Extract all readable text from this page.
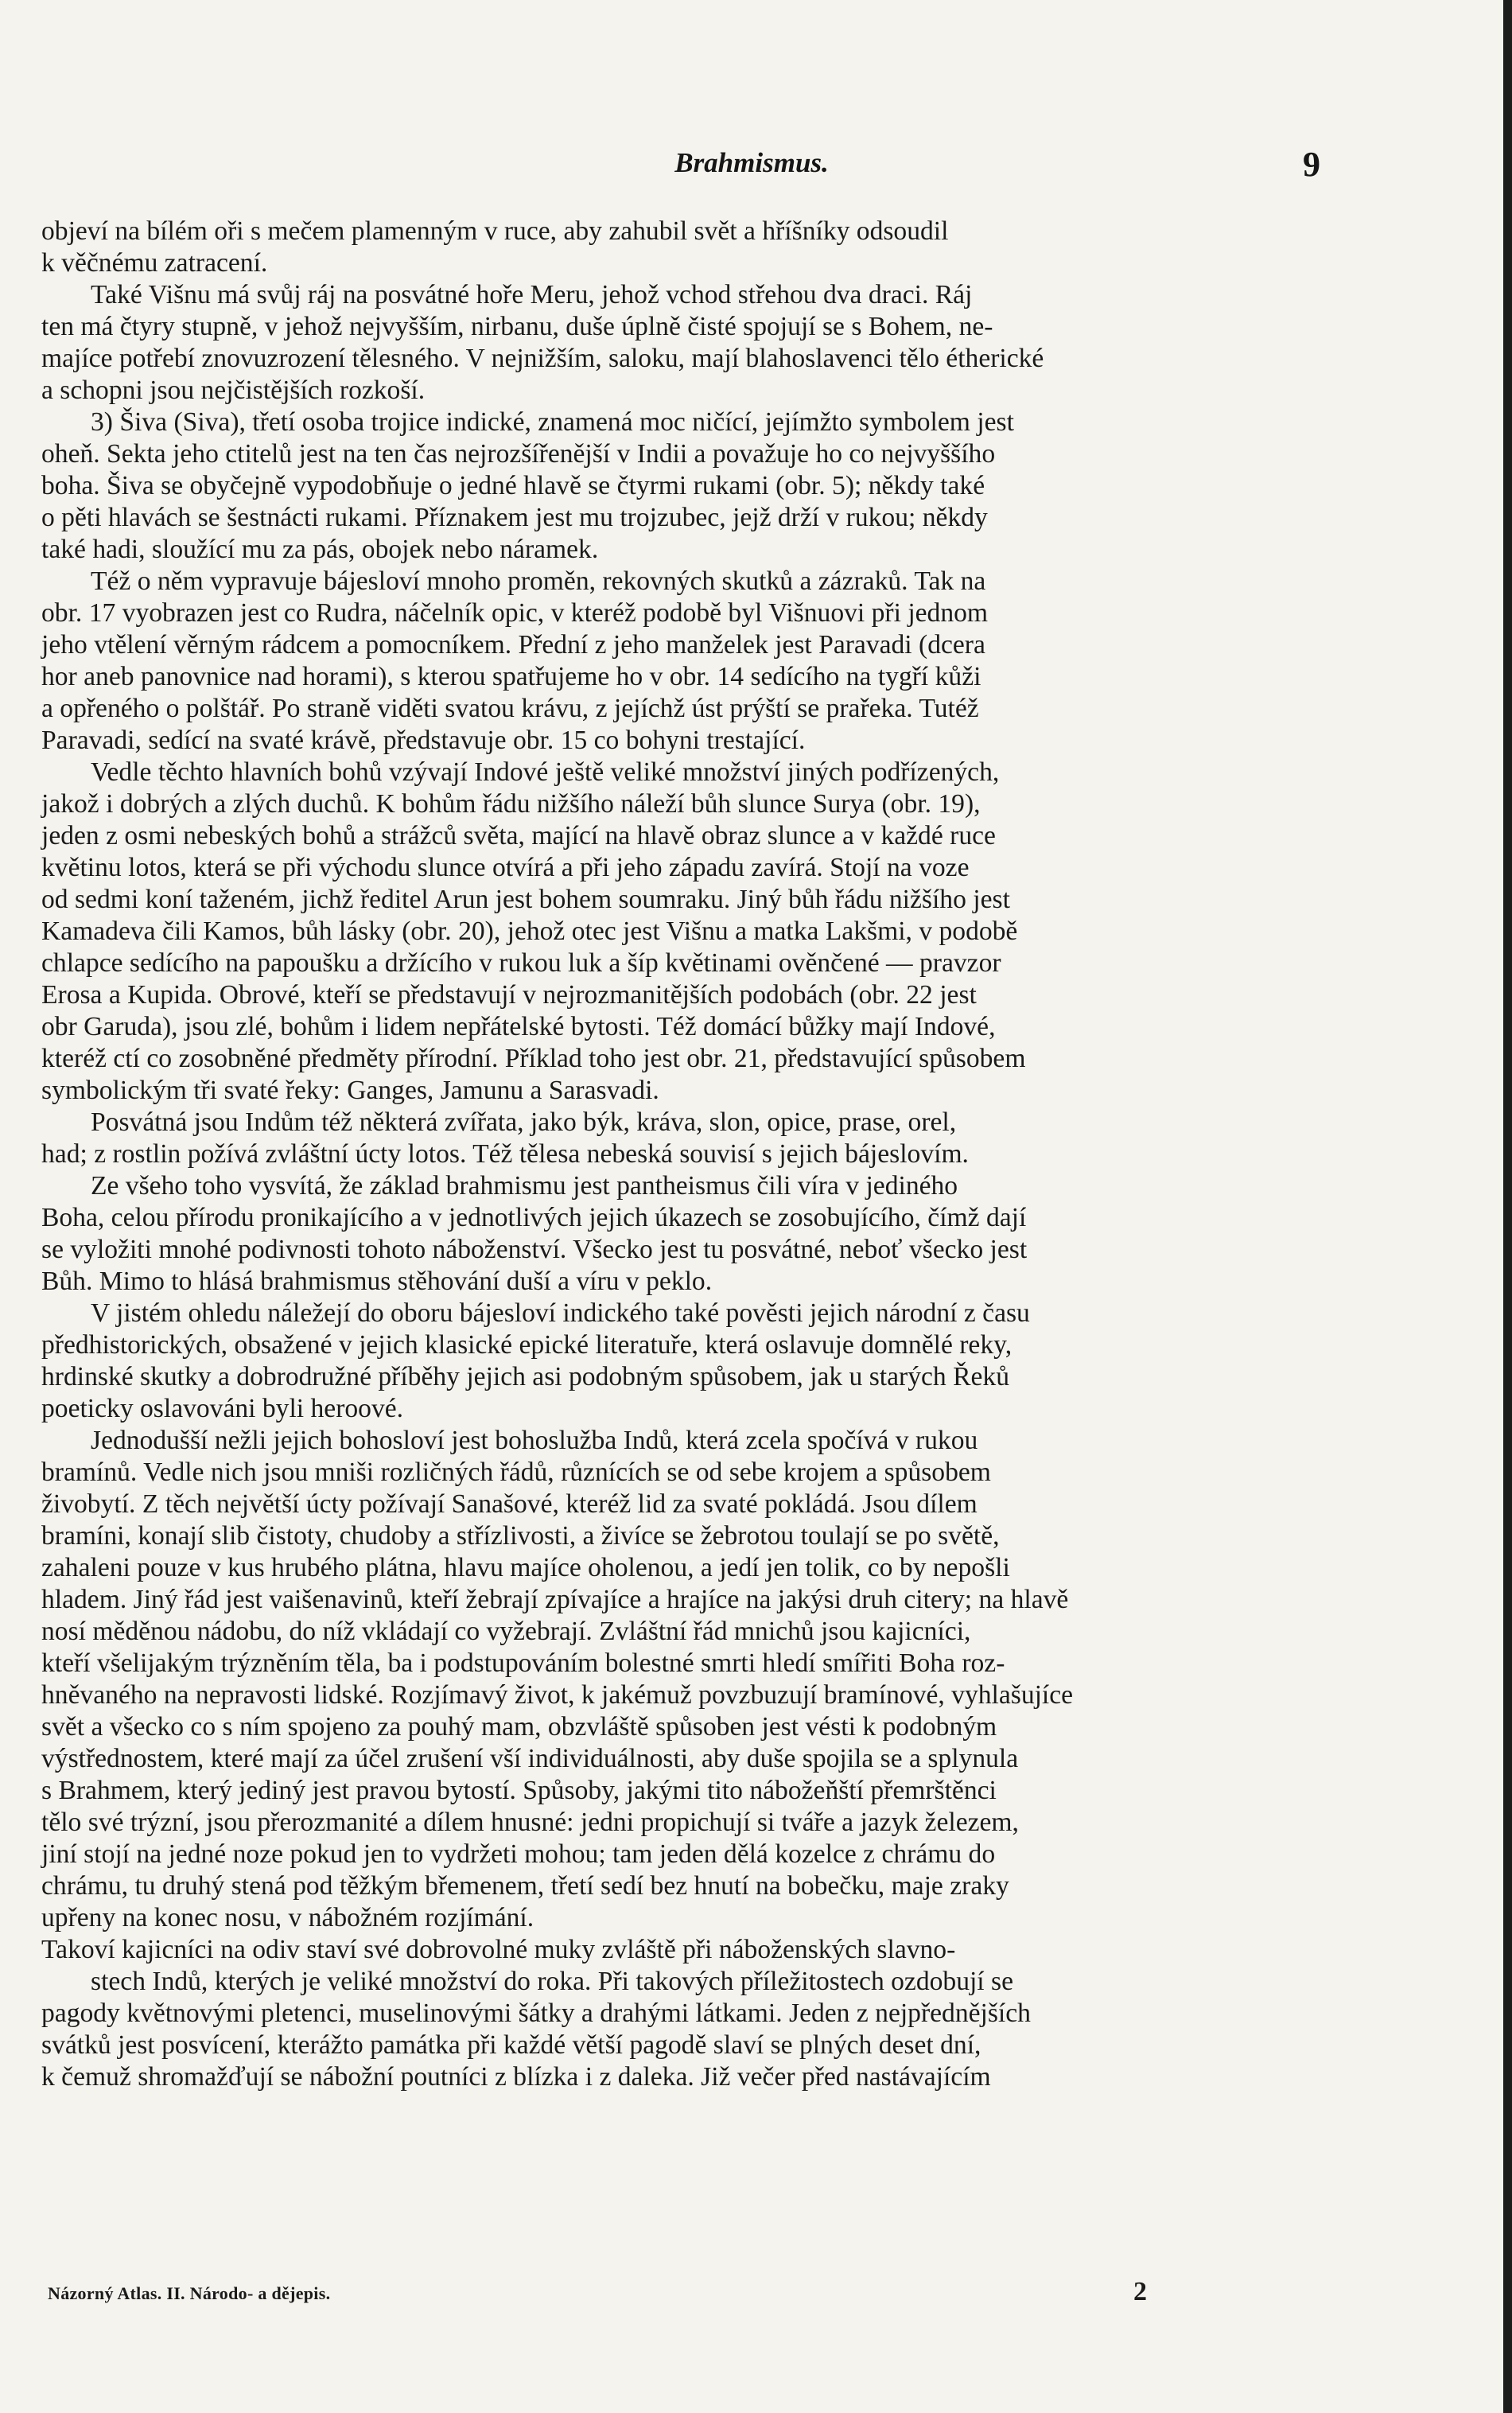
Brahmismus.	9
objeví na bílém oři s mečem plamenným v ruce, aby zahubil svět a hříšníky odsoudil
k věčnému zatracení.
Také Višnu má svůj ráj na posvátné hoře Meru, jehož vchod střehou dva draci. Ráj
ten má čtyry stupně, v jehož nejvyšším, nirbanu, duše úplně čisté spojují se s Bohem, ne-
majíce potřebí znovuzrození tělesného. V nejnižším, saloku, mají blahoslavenci tělo étherické
a schopni jsou nejčistějších rozkoší.
3) Šiva (Siva), třetí osoba trojice indické, znamená moc ničící, jejímžto symbolem jest
oheň. Sekta jeho ctitelů jest na ten čas nejrozšířenější v Indii a považuje ho co nejvyššího
boha. Šiva se obyčejně vypodobňuje o jedné hlavě se čtyrmi rukami (obr. 5); někdy také
o pěti hlavách se šestnácti rukami. Příznakem jest mu trojzubec, jejž drží v rukou; někdy
také hadi, sloužící mu za pás, obojek nebo náramek.
Též o něm vypravuje bájesloví mnoho proměn, rekovných skutků a zázraků. Tak na
obr. 17 vyobrazen jest co Rudra, náčelník opic, v kteréž podobě byl Višnuovi při jednom
jeho vtělení věrným rádcem a pomocníkem. Přední z jeho manželek jest Paravadi (dcera
hor aneb panovnice nad horami), s kterou spatřujeme ho v obr. 14 sedícího na tygří kůži
a opřeného o polštář. Po straně viděti svatou krávu, z jejíchž úst prýští se prařeka. Tutéž
Paravadi, sedící na svaté krávě, představuje obr. 15 co bohyni trestající.
Vedle těchto hlavních bohů vzývají Indové ještě veliké množství jiných podřízených,
jakož i dobrých a zlých duchů. K bohům řádu nižšího náleží bůh slunce Surya (obr. 19),
jeden z osmi nebeských bohů a strážců světa, mající na hlavě obraz slunce a v každé ruce
květinu lotos, která se při východu slunce otvírá a při jeho západu zavírá. Stojí na voze
od sedmi koní taženém, jichž ředitel Arun jest bohem soumraku. Jiný bůh řádu nižšího jest
Kamadeva čili Kamos, bůh lásky (obr. 20), jehož otec jest Višnu a matka Lakšmi, v podobě
chlapce sedícího na papoušku a držícího v rukou luk a šíp květinami ověnčené — pravzor
Erosa a Kupida. Obrové, kteří se představují v nejrozmanitějších podobách (obr. 22 jest
obr Garuda), jsou zlé, bohům i lidem nepřátelské bytosti. Též domácí bůžky mají Indové,
kteréž ctí co zosobněné předměty přírodní. Příklad toho jest obr. 21, představující spůsobem
symbolickým tři svaté řeky: Ganges, Jamunu a Sarasvadi.
Posvátná jsou Indům též některá zvířata, jako býk, kráva, slon, opice, prase, orel,
had; z rostlin požívá zvláštní úcty lotos. Též tělesa nebeská souvisí s jejich bájeslovím.
Ze všeho toho vysvítá, že základ brahmismu jest pantheismus čili víra v jediného
Boha, celou přírodu pronikajícího a v jednotlivých jejich úkazech se zosobujícího, čímž dají
se vyložiti mnohé podivnosti tohoto náboženství. Všecko jest tu posvátné, neboť všecko jest
Bůh. Mimo to hlásá brahmismus stěhování duší a víru v peklo.
V jistém ohledu náležejí do oboru bájesloví indického také pověsti jejich národní z času
předhistorických, obsažené v jejich klasické epické literatuře, která oslavuje domnělé reky,
hrdinské skutky a dobrodružné příběhy jejich asi podobným spůsobem, jak u starých Řeků
poeticky oslavováni byli heroové.
Jednodušší nežli jejich bohosloví jest bohoslužba Indů, která zcela spočívá v rukou
bramínů. Vedle nich jsou mniši rozličných řádů, různících se od sebe krojem a spůsobem
živobytí. Z těch největší úcty požívají Sanašové, kteréž lid za svaté pokládá. Jsou dílem
bramíni, konají slib čistoty, chudoby a střízlivosti, a živíce se žebrotou toulají se po světě,
zahaleni pouze v kus hrubého plátna, hlavu majíce oholenou, a jedí jen tolik, co by nepošli
hladem. Jiný řád jest vaišenavinů, kteří žebrají zpívajíce a hrajíce na jakýsi druh citery; na hlavě
nosí měděnou nádobu, do níž vkládají co vyžebrají. Zvláštní řád mnichů jsou kajicníci,
kteří všelijakým trýzněním těla, ba i podstupováním bolestné smrti hledí smířiti Boha roz-
hněvaného na nepravosti lidské. Rozjímavý život, k jakémuž povzbuzují bramínové, vyhlašujíce
svět a všecko co s ním spojeno za pouhý mam, obzvláště spůsoben jest vésti k podobným
výstřednostem, které mají za účel zrušení vší individuálnosti, aby duše spojila se a splynula
s Brahmem, který jediný jest pravou bytostí. Spůsoby, jakými tito nábožeňští přemrštěnci
tělo své trýzní, jsou přerozmanité a dílem hnusné: jedni propichují si tváře a jazyk železem,
jiní stojí na jedné noze pokud jen to vydržeti mohou; tam jeden dělá kozelce z chrámu do
chrámu, tu druhý stená pod těžkým břemenem, třetí sedí bez hnutí na bobečku, maje zraky
upřeny na konec nosu, v nábožném rozjímání.
Takoví kajicníci na odiv staví své dobrovolné muky zvláště při náboženských slavno-
stech Indů, kterých je veliké množství do roka. Při takových příležitostech ozdobují se
pagody květnovými pletenci, muselinovými šátky a drahými látkami. Jeden z nejpřednějších
svátků jest posvícení, kterážto památka při každé větší pagodě slaví se plných deset dní,
k čemuž shromažďují se nábožní poutníci z blízka i z daleka. Již večer před nastávajícím
Názorný Atlas. II. Národo- a dějepis.	2
